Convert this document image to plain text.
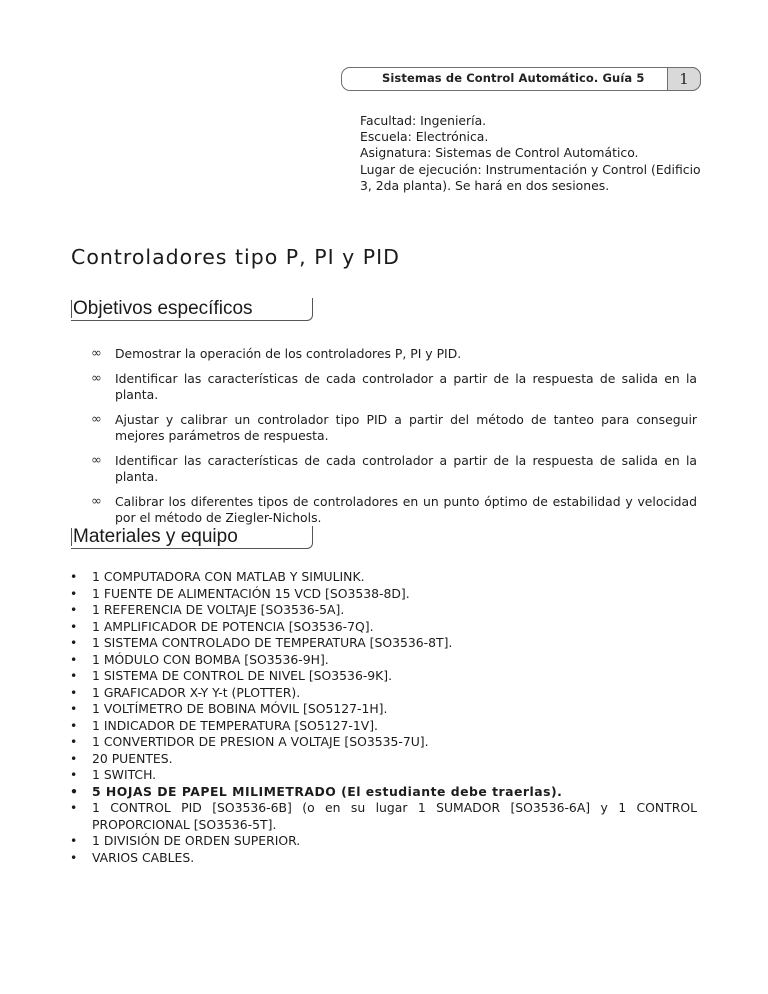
Sistemas de Control Automático. Guía 5	1
Facultad: Ingeniería.
Escuela: Electrónica.
Asignatura: Sistemas de Control Automático.
Lugar de ejecución: Instrumentación y Control (Edificio
3, 2da planta). Se hará en dos sesiones.
Controladores tipo P, PI y PID
Objetivos específicos
∞ Demostrar la operación de los controladores P, PI y PID.
∞ Identificar las características de cada controlador a partir de la respuesta de salida en la planta.
∞ Ajustar y calibrar un controlador tipo PID a partir del método de tanteo para conseguir mejores parámetros de respuesta.
∞ Identificar las características de cada controlador a partir de la respuesta de salida en la planta.
∞ Calibrar los diferentes tipos de controladores en un punto óptimo de estabilidad y velocidad por el método de Ziegler-Nichols.
Materiales y equipo
• 1 COMPUTADORA CON MATLAB Y SIMULINK.
• 1 FUENTE DE ALIMENTACIÓN 15 VCD [SO3538-8D].
• 1 REFERENCIA DE VOLTAJE [SO3536-5A].
• 1 AMPLIFICADOR DE POTENCIA [SO3536-7Q].
• 1 SISTEMA CONTROLADO DE TEMPERATURA [SO3536-8T].
• 1 MÓDULO CON BOMBA [SO3536-9H].
• 1 SISTEMA DE CONTROL DE NIVEL [SO3536-9K].
• 1 GRAFICADOR X-Y Y-t (PLOTTER).
• 1 VOLTÍMETRO DE BOBINA MÓVIL [SO5127-1H].
• 1 INDICADOR DE TEMPERATURA [SO5127-1V].
• 1 CONVERTIDOR DE PRESION A VOLTAJE [SO3535-7U].
• 20 PUENTES.
• 1 SWITCH.
• 5 HOJAS DE PAPEL MILIMETRADO (El estudiante debe traerlas).
• 1 CONTROL PID [SO3536-6B] (o en su lugar 1 SUMADOR [SO3536-6A] y 1 CONTROL PROPORCIONAL [SO3536-5T].
• 1 DIVISIÓN DE ORDEN SUPERIOR.
• VARIOS CABLES.
